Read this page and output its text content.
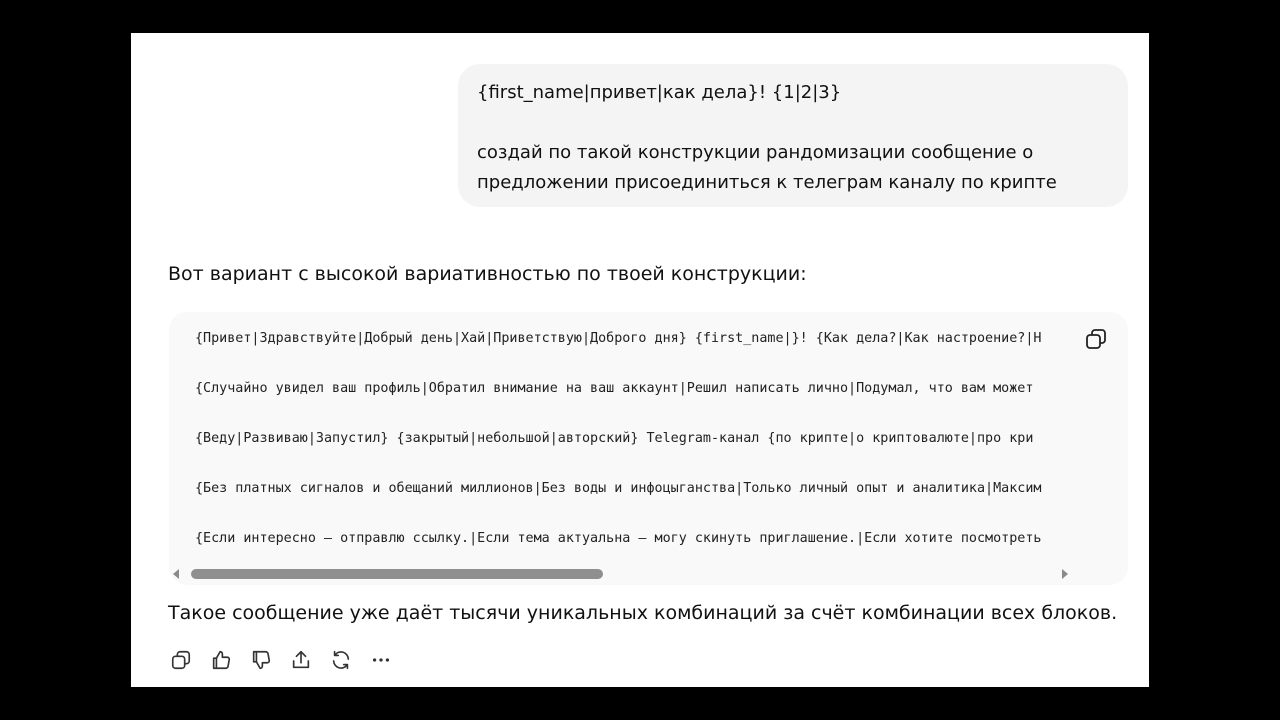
{first_name|привет|как дела}! {1|2|3}

создай по такой конструкции рандомизации сообщение о

предложении присоединиться к телеграм каналу по крипте

Вот вариант с высокой вариативностью по твоей конструкции:

{Привет|Здравствуйте|Добрый день|Хай|Приветствую|Доброго дня} {first_name|}! {Как дела?|Как настроение?|Н
{Случайно увидел ваш профиль|Обратил внимание на ваш аккаунт|Решил написать лично|Подумал, что вам может
{Веду|Развиваю|Запустил} {закрытый|небольшой|авторский} Telegram-канал {по крипте|о криптовалюте|про кри
{Без платных сигналов и обещаний миллионов|Без воды и инфоцыганства|Только личный опыт и аналитика|Максим
{Если интересно — отправлю ссылку.|Если тема актуальна — могу скинуть приглашение.|Если хотите посмотреть

Такое сообщение уже даёт тысячи уникальных комбинаций за счёт комбинации всех блоков.
